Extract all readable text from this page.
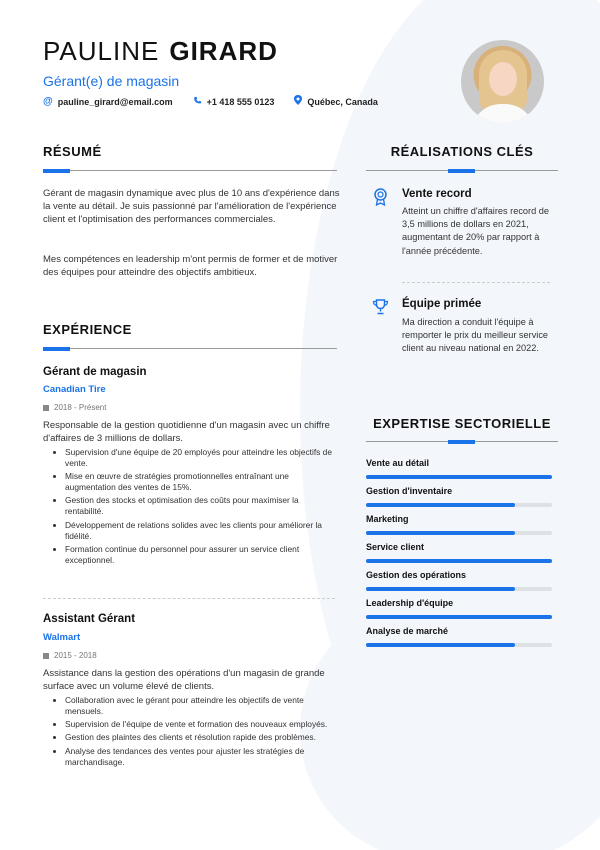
PAULINE GIRARD
Gérant(e) de magasin
@ pauline_girard@email.com	+1 418 555 0123	Québec, Canada
RÉSUMÉ
Gérant de magasin dynamique avec plus de 10 ans d'expérience dans la vente au détail. Je suis passionné par l'amélioration de l'expérience client et l'optimisation des performances commerciales.
Mes compétences en leadership m'ont permis de former et de motiver des équipes pour atteindre des objectifs ambitieux.
EXPÉRIENCE
Gérant de magasin
Canadian Tire
2018 - Présent
Responsable de la gestion quotidienne d'un magasin avec un chiffre d'affaires de 3 millions de dollars.
Supervision d'une équipe de 20 employés pour atteindre les objectifs de vente.
Mise en œuvre de stratégies promotionnelles entraînant une augmentation des ventes de 15%.
Gestion des stocks et optimisation des coûts pour maximiser la rentabilité.
Développement de relations solides avec les clients pour améliorer la fidélité.
Formation continue du personnel pour assurer un service client exceptionnel.
Assistant Gérant
Walmart
2015 - 2018
Assistance dans la gestion des opérations d'un magasin de grande surface avec un volume élevé de clients.
Collaboration avec le gérant pour atteindre les objectifs de vente mensuels.
Supervision de l'équipe de vente et formation des nouveaux employés.
Gestion des plaintes des clients et résolution rapide des problèmes.
Analyse des tendances des ventes pour ajuster les stratégies de marchandisage.
RÉALISATIONS CLÉS
Vente record
Atteint un chiffre d'affaires record de 3,5 millions de dollars en 2021, augmentant de 20% par rapport à l'année précédente.
Équipe primée
Ma direction a conduit l'équipe à remporter le prix du meilleur service client au niveau national en 2022.
EXPERTISE SECTORIELLE
Vente au détail
Gestion d'inventaire
Marketing
Service client
Gestion des opérations
Leadership d'équipe
Analyse de marché
